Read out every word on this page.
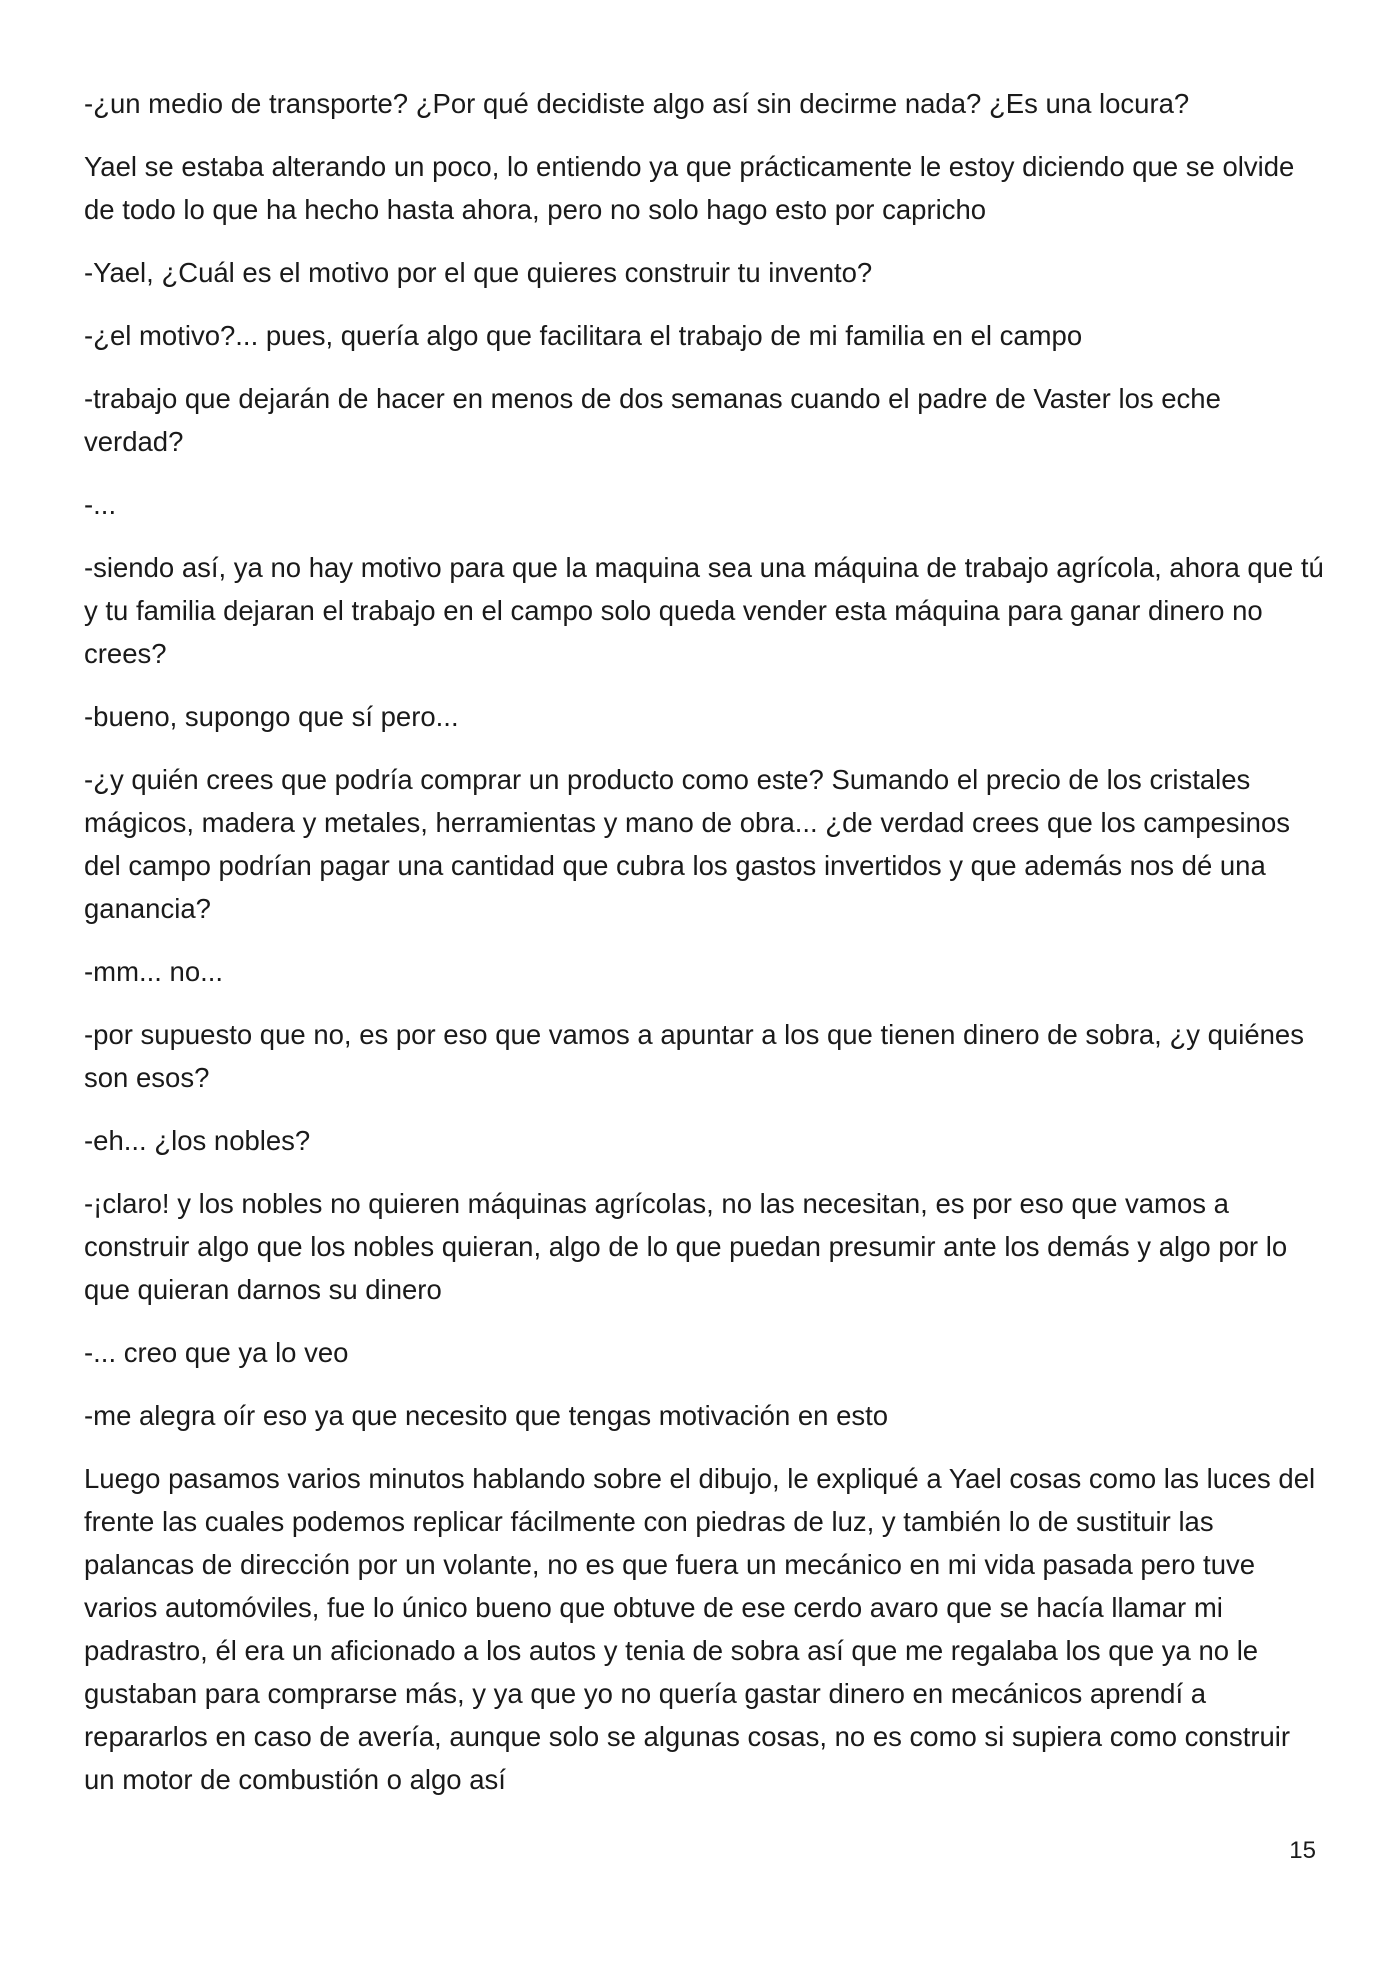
-¿un medio de transporte? ¿Por qué decidiste algo así sin decirme nada? ¿Es una locura?

Yael se estaba alterando un poco, lo entiendo ya que prácticamente le estoy diciendo que se olvide de todo lo que ha hecho hasta ahora, pero no solo hago esto por capricho

-Yael, ¿Cuál es el motivo por el que quieres construir tu invento?

-¿el motivo?... pues, quería algo que facilitara el trabajo de mi familia en el campo

-trabajo que dejarán de hacer en menos de dos semanas cuando el padre de Vaster los eche verdad?

-...

-siendo así, ya no hay motivo para que la maquina sea una máquina de trabajo agrícola, ahora que tú y tu familia dejaran el trabajo en el campo solo queda vender esta máquina para ganar dinero no crees?

-bueno, supongo que sí pero...

-¿y quién crees que podría comprar un producto como este? Sumando el precio de los cristales mágicos, madera y metales, herramientas y mano de obra... ¿de verdad crees que los campesinos del campo podrían pagar una cantidad que cubra los gastos invertidos y que además nos dé una ganancia?

-mm... no...

-por supuesto que no, es por eso que vamos a apuntar a los que tienen dinero de sobra, ¿y quiénes son esos?

-eh... ¿los nobles?

-¡claro! y los nobles no quieren máquinas agrícolas, no las necesitan, es por eso que vamos a construir algo que los nobles quieran, algo de lo que puedan presumir ante los demás y algo por lo que quieran darnos su dinero

-... creo que ya lo veo

-me alegra oír eso ya que necesito que tengas motivación en esto

Luego pasamos varios minutos hablando sobre el dibujo, le expliqué a Yael cosas como las luces del frente las cuales podemos replicar fácilmente con piedras de luz, y también lo de sustituir las palancas de dirección por un volante, no es que fuera un mecánico en mi vida pasada pero tuve varios automóviles, fue lo único bueno que obtuve de ese cerdo avaro que se hacía llamar mi padrastro, él era un aficionado a los autos y tenia de sobra así que me regalaba los que ya no le gustaban para comprarse más, y ya que yo no quería gastar dinero en mecánicos aprendí a repararlos en caso de avería, aunque solo se algunas cosas, no es como si supiera como construir un motor de combustión o algo así

15
